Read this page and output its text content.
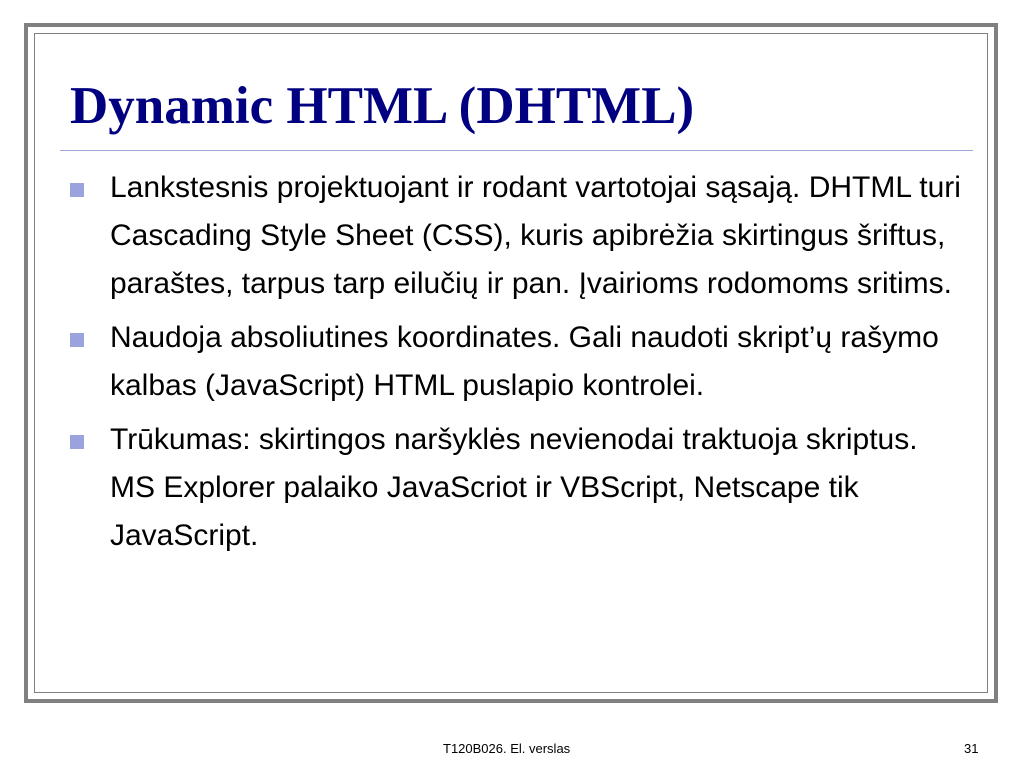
Dynamic HTML (DHTML)
Lankstesnis projektuojant ir rodant vartotojai sąsają. DHTML turi Cascading Style Sheet (CSS), kuris apibrėžia skirtingus šriftus, paraštes, tarpus tarp eilučių ir pan. Įvairioms rodomoms sritims.
Naudoja absoliutines koordinates. Gali naudoti skript’ų rašymo kalbas (JavaScript) HTML puslapio kontrolei.
Trūkumas: skirtingos naršyklės nevienodai traktuoja skriptus. MS Explorer palaiko JavaScriot ir VBScript, Netscape tik JavaScript.
T120B026. El. verslas	31
